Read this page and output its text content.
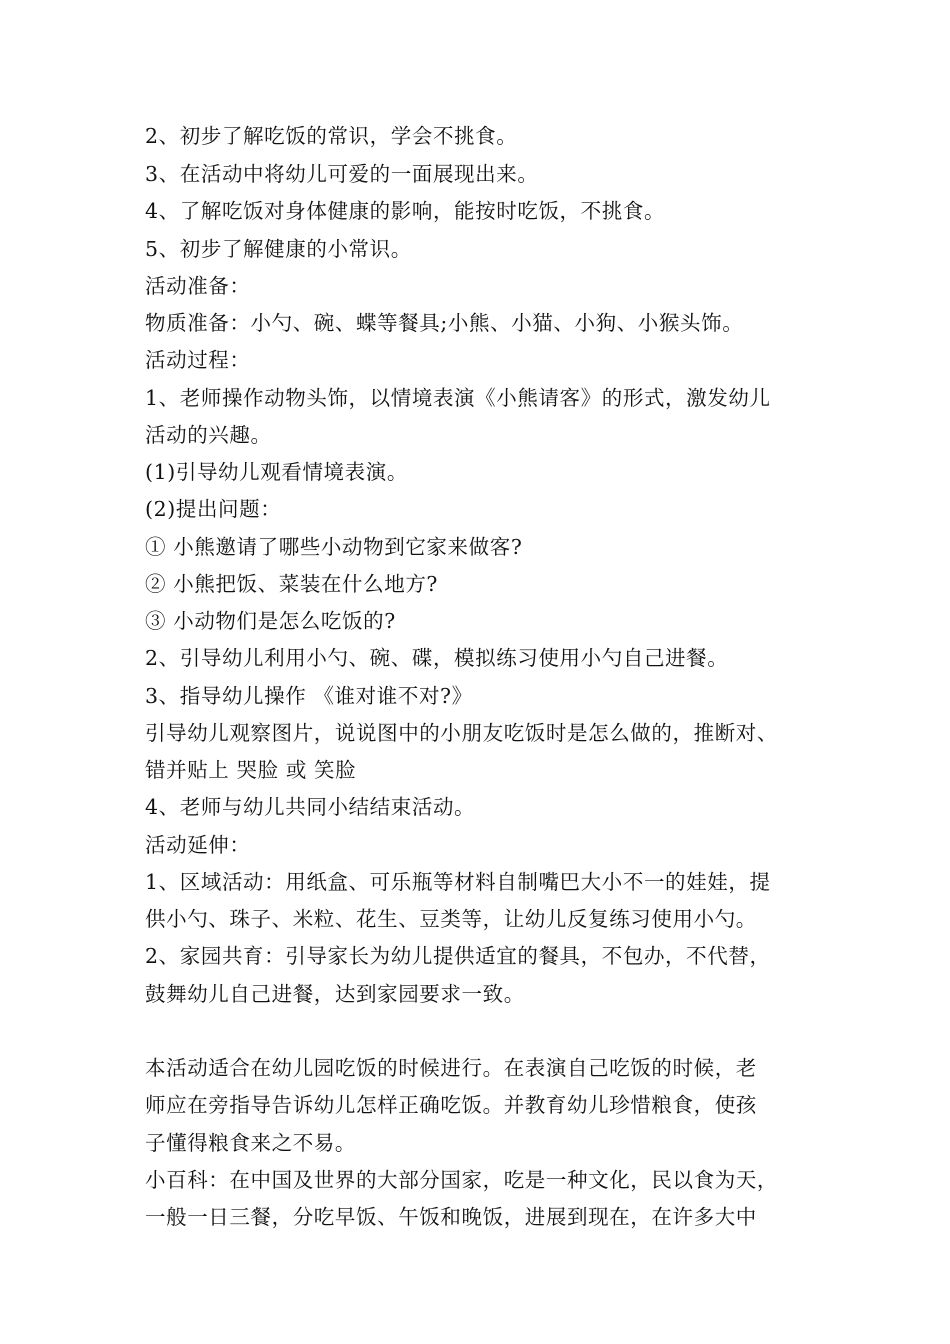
2、初步了解吃饭的常识，学会不挑食。
3、在活动中将幼儿可爱的一面展现出来。
4、了解吃饭对身体健康的影响，能按时吃饭，不挑食。
5、初步了解健康的小常识。
活动准备：
物质准备：小勺、碗、蝶等餐具;小熊、小猫、小狗、小猴头饰。
活动过程：
1、老师操作动物头饰，以情境表演《小熊请客》的形式，激发幼儿
活动的兴趣。
(1)引导幼儿观看情境表演。
(2)提出问题：
① 小熊邀请了哪些小动物到它家来做客?
② 小熊把饭、菜装在什么地方?
③ 小动物们是怎么吃饭的?
2、引导幼儿利用小勺、碗、碟，模拟练习使用小勺自己进餐。
3、指导幼儿操作 《谁对谁不对?》
引导幼儿观察图片，说说图中的小朋友吃饭时是怎么做的，推断对、
错并贴上 哭脸 或 笑脸
4、老师与幼儿共同小结结束活动。
活动延伸：
1、区域活动：用纸盒、可乐瓶等材料自制嘴巴大小不一的娃娃，提
供小勺、珠子、米粒、花生、豆类等，让幼儿反复练习使用小勺。
2、家园共育：引导家长为幼儿提供适宜的餐具，不包办，不代替，
鼓舞幼儿自己进餐，达到家园要求一致。
本活动适合在幼儿园吃饭的时候进行。在表演自己吃饭的时候，老
师应在旁指导告诉幼儿怎样正确吃饭。并教育幼儿珍惜粮食，使孩
子懂得粮食来之不易。
小百科：在中国及世界的大部分国家，吃是一种文化，民以食为天，
一般一日三餐，分吃早饭、午饭和晚饭，进展到现在，在许多大中
